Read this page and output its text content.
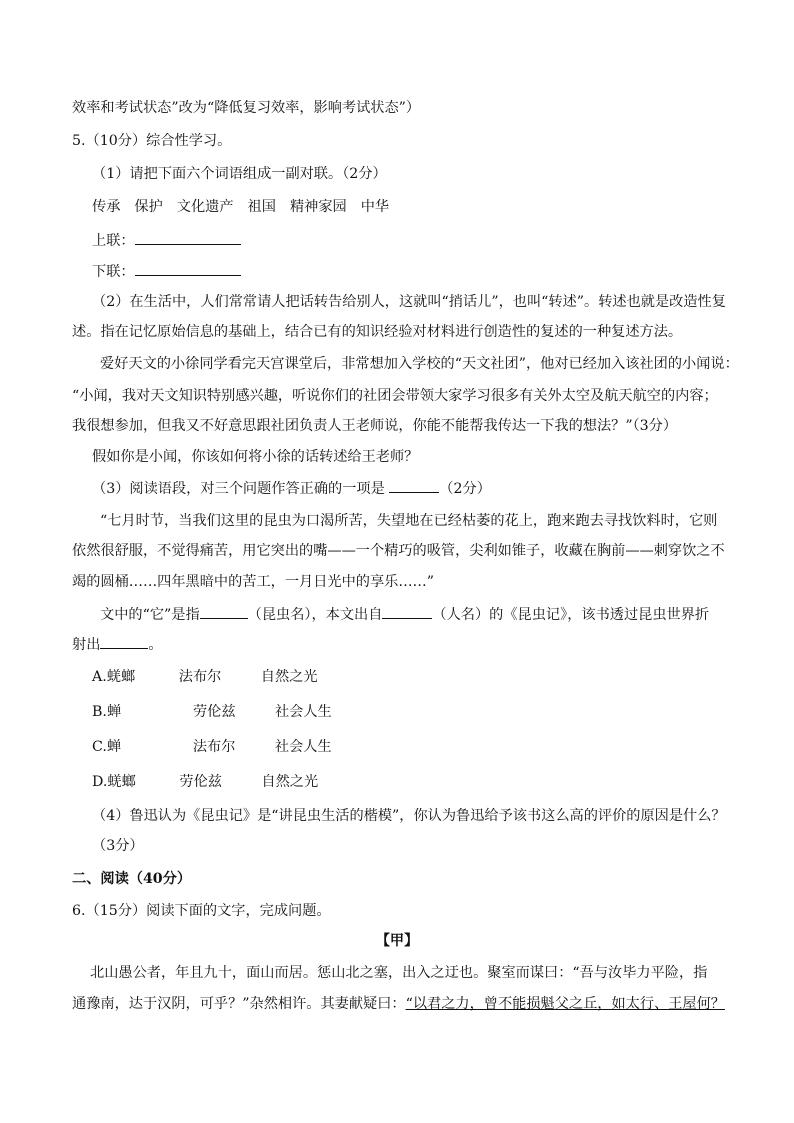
效率和考试状态”改为“降低复习效率，影响考试状态”）
5.（10分）综合性学习。
（1）请把下面六个词语组成一副对联。（2分）
传承 保护 文化遗产 祖国 精神家园 中华
上联：
下联：
（2）在生活中，人们常常请人把话转告给别人，这就叫“捎话儿”，也叫“转述”。转述也就是改造性复
述。指在记忆原始信息的基础上，结合已有的知识经验对材料进行创造性的复述的一种复述方法。
爱好天文的小徐同学看完天宫课堂后，非常想加入学校的“天文社团”，他对已经加入该社团的小闻说：
“小闻，我对天文知识特别感兴趣，听说你们的社团会带领大家学习很多有关外太空及航天航空的内容；
我很想参加，但我又不好意思跟社团负责人王老师说，你能不能帮我传达一下我的想法？”（3分）
假如你是小闻，你该如何将小徐的话转述给王老师？
（3）阅读语段，对三个问题作答正确的一项是	（2分）
“七月时节，当我们这里的昆虫为口渴所苦，失望地在已经枯萎的花上，跑来跑去寻找饮料时，它则
依然很舒服，不觉得痛苦，用它突出的嘴——一个精巧的吸管，尖利如锥子，收藏在胸前——刺穿饮之不
竭的圆桶……四年黑暗中的苦工，一月日光中的享乐……”
文中的“它”是指	（昆虫名），本文出自	（人名）的《昆虫记》，该书透过昆虫世界折
射出	。
A.蜣螂	法布尔	自然之光
B.蝉	劳伦兹	社会人生
C.蝉	法布尔	社会人生
D.蜣螂	劳伦兹	自然之光
（4）鲁迅认为《昆虫记》是“讲昆虫生活的楷模”，你认为鲁迅给予该书这么高的评价的原因是什么？
（3分）
二、阅读（40分）
6.（15分）阅读下面的文字，完成问题。
【甲】
北山愚公者，年且九十，面山而居。惩山北之塞，出入之迂也。聚室而谋曰：“吾与汝毕力平险，指
通豫南，达于汉阴，可乎？”杂然相许。其妻献疑曰：“以君之力，曾不能损魁父之丘，如太行、王屋何？
